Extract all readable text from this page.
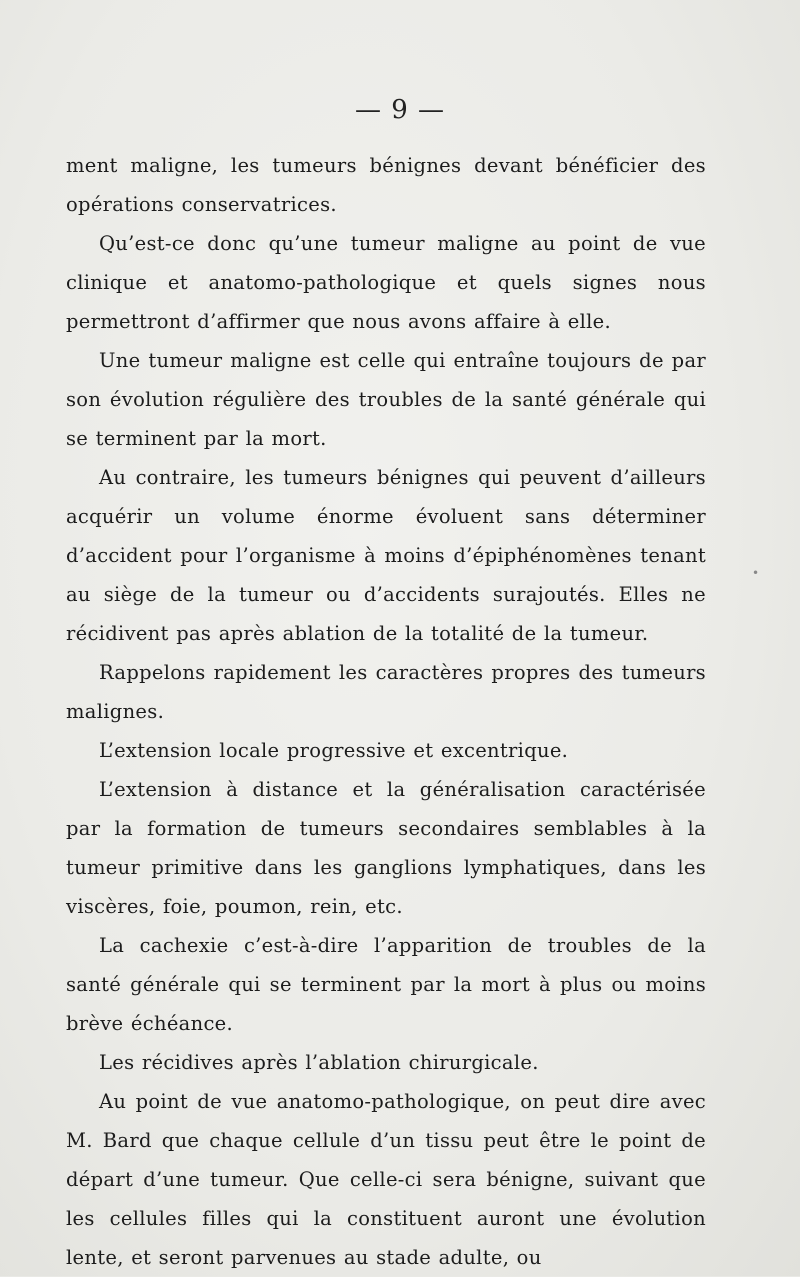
— 9 —

ment maligne, les tumeurs bénignes devant bénéficier des opérations conservatrices.

Qu’est-ce donc qu’une tumeur maligne au point de vue clinique et anatomo-pathologique et quels signes nous permettront d’affirmer que nous avons affaire à elle.

Une tumeur maligne est celle qui entraîne toujours de par son évolution régulière des troubles de la santé générale qui se terminent par la mort.

Au contraire, les tumeurs bénignes qui peuvent d’ailleurs acquérir un volume énorme évoluent sans déterminer d’accident pour l’organisme à moins d’épiphénomènes tenant au siège de la tumeur ou d’accidents surajoutés. Elles ne récidivent pas après ablation de la totalité de la tumeur.

Rappelons rapidement les caractères propres des tumeurs malignes.

L’extension locale progressive et excentrique.

L’extension à distance et la généralisation caractérisée par la formation de tumeurs secondaires semblables à la tumeur primitive dans les ganglions lymphatiques, dans les viscères, foie, poumon, rein, etc.

La cachexie c’est-à-dire l’apparition de troubles de la santé générale qui se terminent par la mort à plus ou moins brève échéance.

Les récidives après l’ablation chirurgicale.

Au point de vue anatomo-pathologique, on peut dire avec M. Bard que chaque cellule d’un tissu peut être le point de départ d’une tumeur. Que celle-ci sera bénigne, suivant que les cellules filles qui la constituent auront une évolution lente, et seront parvenues au stade adulte, ou

•
